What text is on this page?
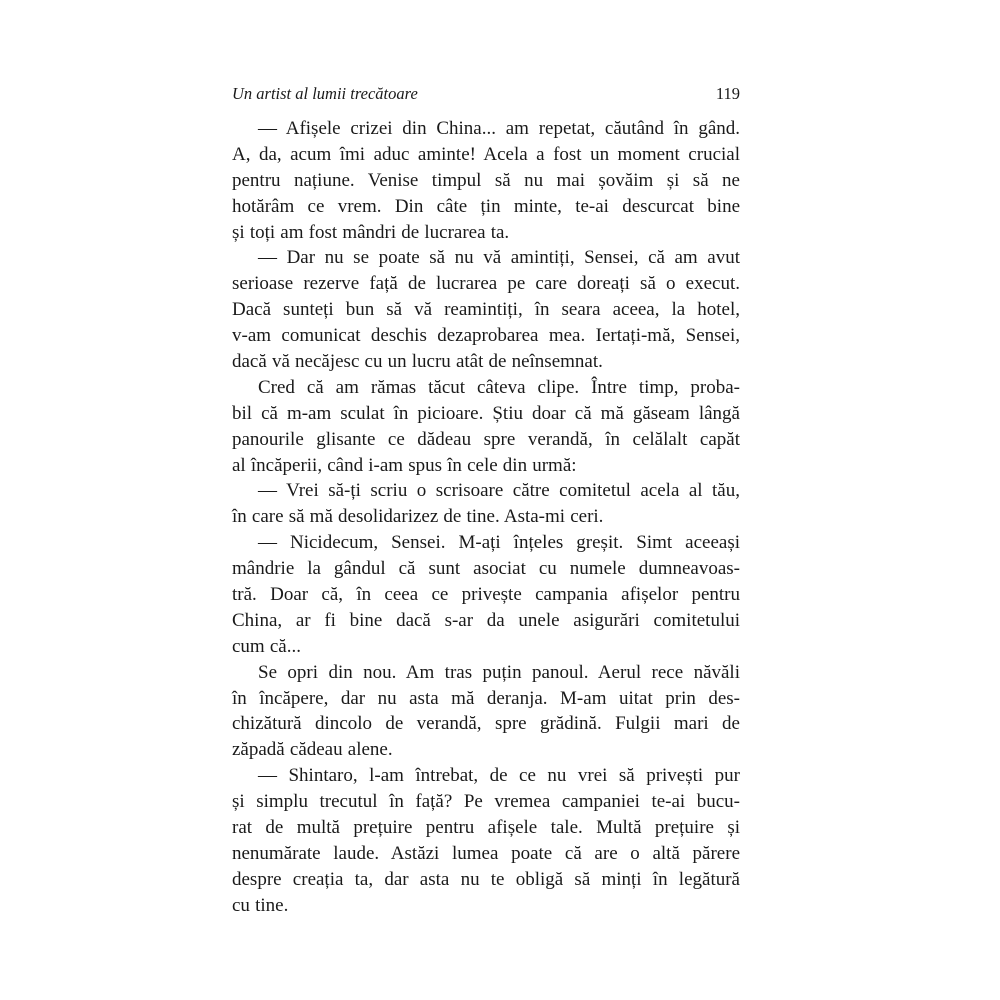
Un artist al lumii trecătoare	119
— Afișele crizei din China... am repetat, căutând în gând.
A, da, acum îmi aduc aminte! Acela a fost un moment crucial
pentru națiune. Venise timpul să nu mai șovăim și să ne
hotărâm ce vrem. Din câte țin minte, te-ai descurcat bine
și toți am fost mândri de lucrarea ta.
— Dar nu se poate să nu vă amintiți, Sensei, că am avut
serioase rezerve față de lucrarea pe care doreați să o execut.
Dacă sunteți bun să vă reamintiți, în seara aceea, la hotel,
v-am comunicat deschis dezaprobarea mea. Iertați-mă, Sensei,
dacă vă necăjesc cu un lucru atât de neînsemnat.
Cred că am rămas tăcut câteva clipe. Între timp, proba-
bil că m-am sculat în picioare. Știu doar că mă găseam lângă
panourile glisante ce dădeau spre verandă, în celălalt capăt
al încăperii, când i-am spus în cele din urmă:
— Vrei să-ți scriu o scrisoare către comitetul acela al tău,
în care să mă desolidarizez de tine. Asta-mi ceri.
— Nicidecum, Sensei. M-ați înțeles greșit. Simt aceeași
mândrie la gândul că sunt asociat cu numele dumneavoas-
tră. Doar că, în ceea ce privește campania afișelor pentru
China, ar fi bine dacă s-ar da unele asigurări comitetului
cum că...
Se opri din nou. Am tras puțin panoul. Aerul rece năvăli
în încăpere, dar nu asta mă deranja. M-am uitat prin des-
chizătură dincolo de verandă, spre grădină. Fulgii mari de
zăpadă cădeau alene.
— Shintaro, l-am întrebat, de ce nu vrei să privești pur
și simplu trecutul în față? Pe vremea campaniei te-ai bucu-
rat de multă prețuire pentru afișele tale. Multă prețuire și
nenumărate laude. Astăzi lumea poate că are o altă părere
despre creația ta, dar asta nu te obligă să minți în legătură
cu tine.
